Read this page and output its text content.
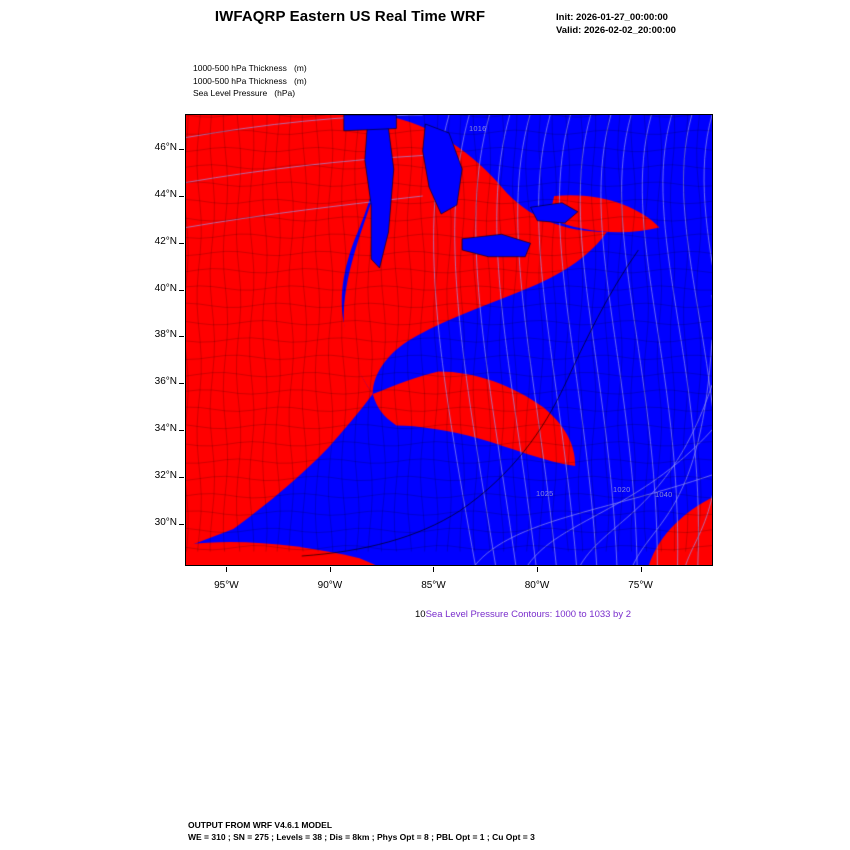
IWFAQRP Eastern US Real Time WRF	Init: 2026-01-27_00:00:00
Valid: 2026-02-02_20:00:00
1000-500 hPa Thickness   (m)
1000-500 hPa Thickness   (m)
Sea Level Pressure   (hPa)
1016
1025	1020
1040
30°N
32°N
34°N
36°N
38°N
40°N
42°N
44°N
46°N
95°W	90°W	85°W	80°W	75°W
10Sea Level Pressure Contours: 1000 to 1033 by 2
OUTPUT FROM WRF V4.6.1 MODEL
WE = 310 ; SN = 275 ; Levels = 38 ; Dis = 8km ; Phys Opt = 8 ; PBL Opt = 1 ; Cu Opt = 3
